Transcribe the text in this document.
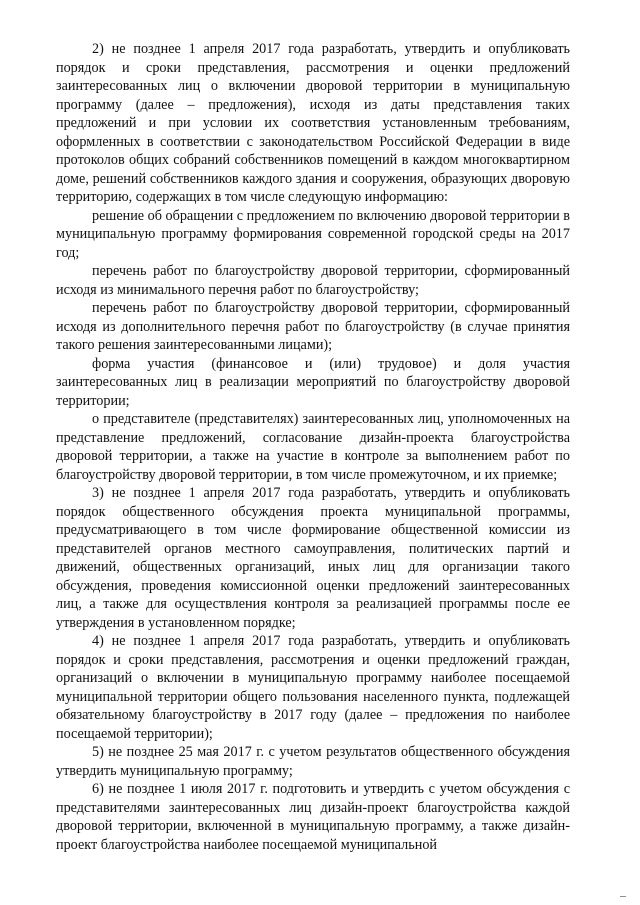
2) не позднее 1 апреля 2017 года разработать, утвердить и опубликовать порядок и сроки представления, рассмотрения и оценки предложений заинтересованных лиц о включении дворовой территории в муниципальную программу (далее – предложения), исходя из даты представления таких предложений и при условии их соответствия установленным требованиям, оформленных в соответствии с законодательством Российской Федерации в виде протоколов общих собраний собственников помещений в каждом многоквартирном доме, решений собственников каждого здания и сооружения, образующих дворовую территорию, содержащих в том числе следующую информацию:

решение об обращении с предложением по включению дворовой территории в муниципальную программу формирования современной городской среды на 2017 год;

перечень работ по благоустройству дворовой территории, сформированный исходя из минимального перечня работ по благоустройству;

перечень работ по благоустройству дворовой территории, сформированный исходя из дополнительного перечня работ по благоустройству (в случае принятия такого решения заинтересованными лицами);

форма участия (финансовое и (или) трудовое) и доля участия заинтересованных лиц в реализации мероприятий по благоустройству дворовой территории;

о представителе (представителях) заинтересованных лиц, уполномоченных на представление предложений, согласование дизайн-проекта благоустройства дворовой территории, а также на участие в контроле за выполнением работ по благоустройству дворовой территории, в том числе промежуточном, и их приемке;

3) не позднее 1 апреля 2017 года разработать, утвердить и опубликовать порядок общественного обсуждения проекта муниципальной программы, предусматривающего в том числе формирование общественной комиссии из представителей органов местного самоуправления, политических партий и движений, общественных организаций, иных лиц для организации такого обсуждения, проведения комиссионной оценки предложений заинтересованных лиц, а также для осуществления контроля за реализацией программы после ее утверждения в установленном порядке;

4) не позднее 1 апреля 2017 года разработать, утвердить и опубликовать порядок и сроки представления, рассмотрения и оценки предложений граждан, организаций о включении в муниципальную программу наиболее посещаемой муниципальной территории общего пользования населенного пункта, подлежащей обязательному благоустройству в 2017 году (далее – предложения по наиболее посещаемой территории);

5) не позднее 25 мая 2017 г. с учетом результатов общественного обсуждения утвердить муниципальную программу;

6) не позднее 1 июля 2017 г. подготовить и утвердить с учетом обсуждения с представителями заинтересованных лиц дизайн-проект благоустройства каждой дворовой территории, включенной в муниципальную программу, а также дизайн-проект благоустройства наиболее посещаемой муниципальной

–
